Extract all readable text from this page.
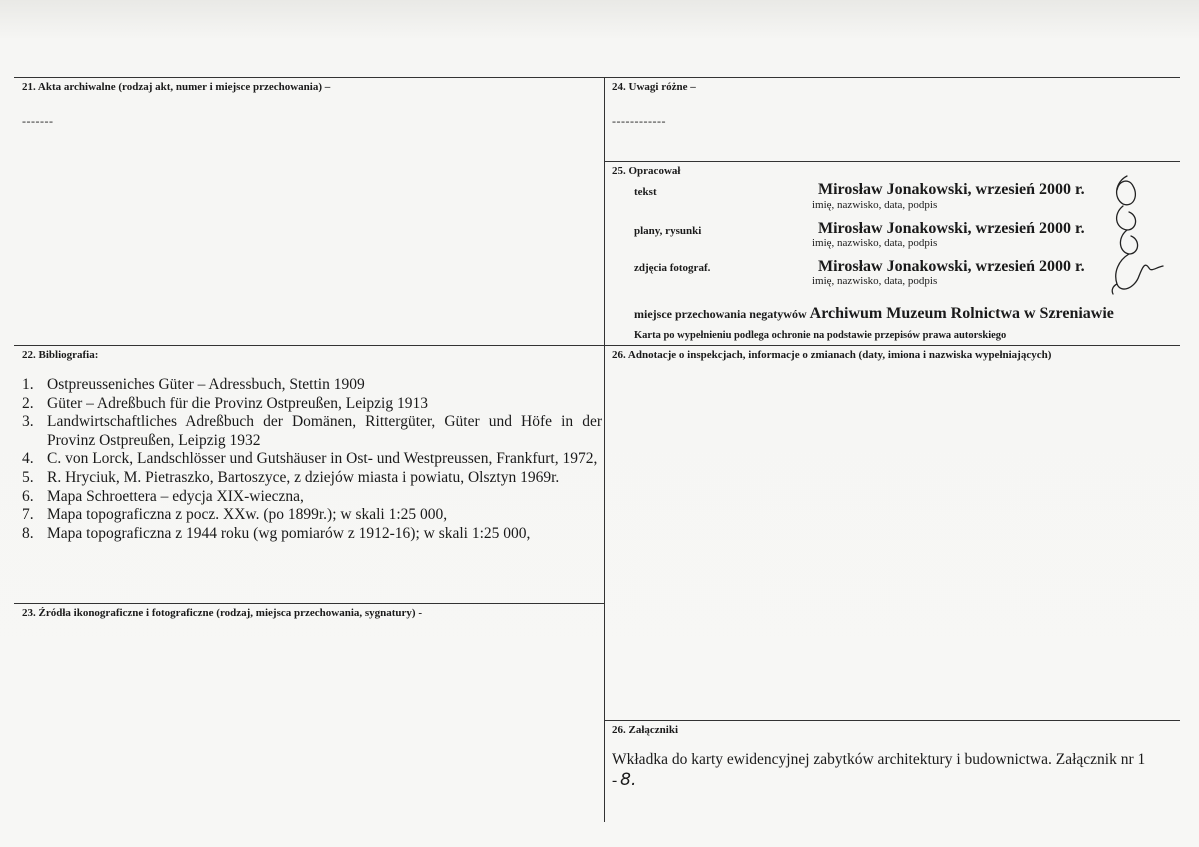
21. Akta archiwalne (rodzaj akt, numer i miejsce przechowania) –
-------
24. Uwagi różne –
------------
25. Opracował
tekst	Mirosław Jonakowski, wrzesień 2000 r.
imię, nazwisko, data, podpis
plany, rysunki	Mirosław Jonakowski, wrzesień 2000 r.
imię, nazwisko, data, podpis
zdjęcia fotograf.	Mirosław Jonakowski, wrzesień 2000 r.
imię, nazwisko, data, podpis
miejsce przechowania negatywów Archiwum Muzeum Rolnictwa w Szreniawie
Karta po wypełnieniu podlega ochronie na podstawie przepisów prawa autorskiego
22. Bibliografia:
1. Ostpreusseniches Güter – Adressbuch, Stettin 1909
2. Güter – Adreßbuch für die Provinz Ostpreußen, Leipzig 1913
3. Landwirtschaftliches Adreßbuch der Domänen, Rittergüter, Güter und Höfe in der Provinz Ostpreußen, Leipzig 1932
4. C. von Lorck, Landschlösser und Gutshäuser in Ost- und Westpreussen, Frankfurt, 1972,
5. R. Hryciuk, M. Pietraszko, Bartoszyce, z dziejów miasta i powiatu, Olsztyn 1969r.
6. Mapa Schroettera – edycja XIX-wieczna,
7. Mapa topograficzna z pocz. XXw. (po 1899r.); w skali 1:25 000,
8. Mapa topograficzna z 1944 roku (wg pomiarów z 1912-16); w skali 1:25 000,
23. Źródła ikonograficzne i fotograficzne (rodzaj, miejsca przechowania, sygnatury) -
26. Adnotacje o inspekcjach, informacje o zmianach (daty, imiona i nazwiska wypełniających)
26. Załączniki
Wkładka do karty ewidencyjnej zabytków architektury i budownictwa. Załącznik nr 1 - 8.
